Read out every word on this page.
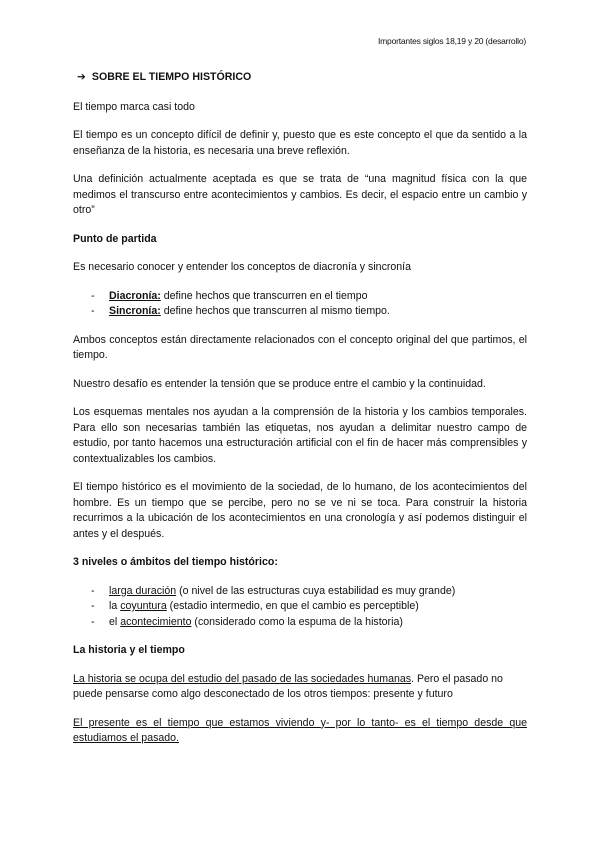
Importantes siglos 18,19 y 20 (desarrollo)
➔ SOBRE EL TIEMPO HISTÓRICO

El tiempo marca casi todo

El tiempo es un concepto difícil de definir y, puesto que es este concepto el que da sentido a la enseñanza de la historia, es necesaria una breve reflexión.

Una definición actualmente aceptada es que se trata de “una magnitud física con la que medimos el transcurso entre acontecimientos y cambios. Es decir, el espacio entre un cambio y otro”

Punto de partida

Es necesario conocer y entender los conceptos de diacronía y sincronía

- Diacronía: define hechos que transcurren en el tiempo
- Sincronía: define hechos que transcurren al mismo tiempo.

Ambos conceptos están directamente relacionados con el concepto original del que partimos, el tiempo.

Nuestro desafío es entender la tensión que se produce entre el cambio y la continuidad.

Los esquemas mentales nos ayudan a la comprensión de la historia y los cambios temporales. Para ello son necesarias también las etiquetas, nos ayudan a delimitar nuestro campo de estudio, por tanto hacemos una estructuración artificial con el fin de hacer más comprensibles y contextualizables los cambios.

El tiempo histórico es el movimiento de la sociedad, de lo humano, de los acontecimientos del hombre. Es un tiempo que se percibe, pero no se ve ni se toca. Para construir la historia recurrimos a la ubicación de los acontecimientos en una cronología y así podemos distinguir el antes y el después.

3 niveles o ámbitos del tiempo histórico:
- larga duración (o nivel de las estructuras cuya estabilidad es muy grande)
- la coyuntura (estadio intermedio, en que el cambio es perceptible)
- el acontecimiento (considerado como la espuma de la historia)
La historia y el tiempo

La historia se ocupa del estudio del pasado de las sociedades humanas. Pero el pasado no puede pensarse como algo desconectado de los otros tiempos: presente y futuro

El presente es el tiempo que estamos viviendo y- por lo tanto- es el tiempo desde que estudiamos el pasado.
